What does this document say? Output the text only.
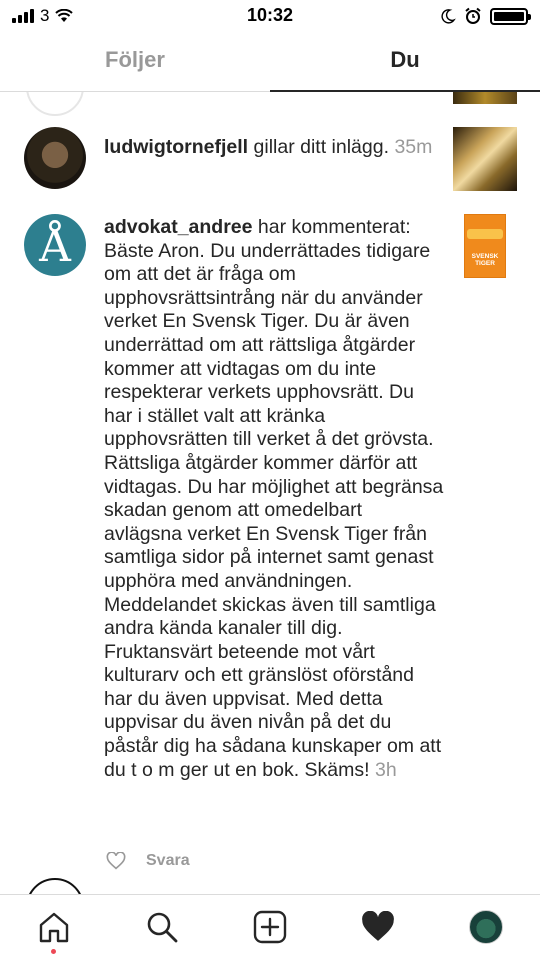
3	10:32
Följer	Du
ludwigtornefjell gillar ditt inlägg. 35m
Å advokat_andree har kommenterat: Bäste Aron. Du underrättades tidigare om att det är fråga om upphovsrättsintrång när du använder verket En Svensk Tiger. Du är även underrättad om att rättsliga åtgärder kommer att vidtagas om du inte respekterar verkets upphovsrätt. Du har i stället valt att kränka upphovsrätten till verket å det grövsta. Rättsliga åtgärder kommer därför att vidtagas. Du har möjlighet att begränsa skadan genom att omedelbart avlägsna verket En Svensk Tiger från samtliga sidor på internet samt genast upphöra med användningen. Meddelandet skickas även till samtliga andra kända kanaler till dig. Fruktansvärt beteende mot vårt kulturarv och ett gränslöst oförstånd har du även uppvisat. Med detta uppvisar du även nivån på det du påstår dig ha sådana kunskaper om att du t o m ger ut en bok. Skäms! 3h
SVENSK TIGER
Svara
